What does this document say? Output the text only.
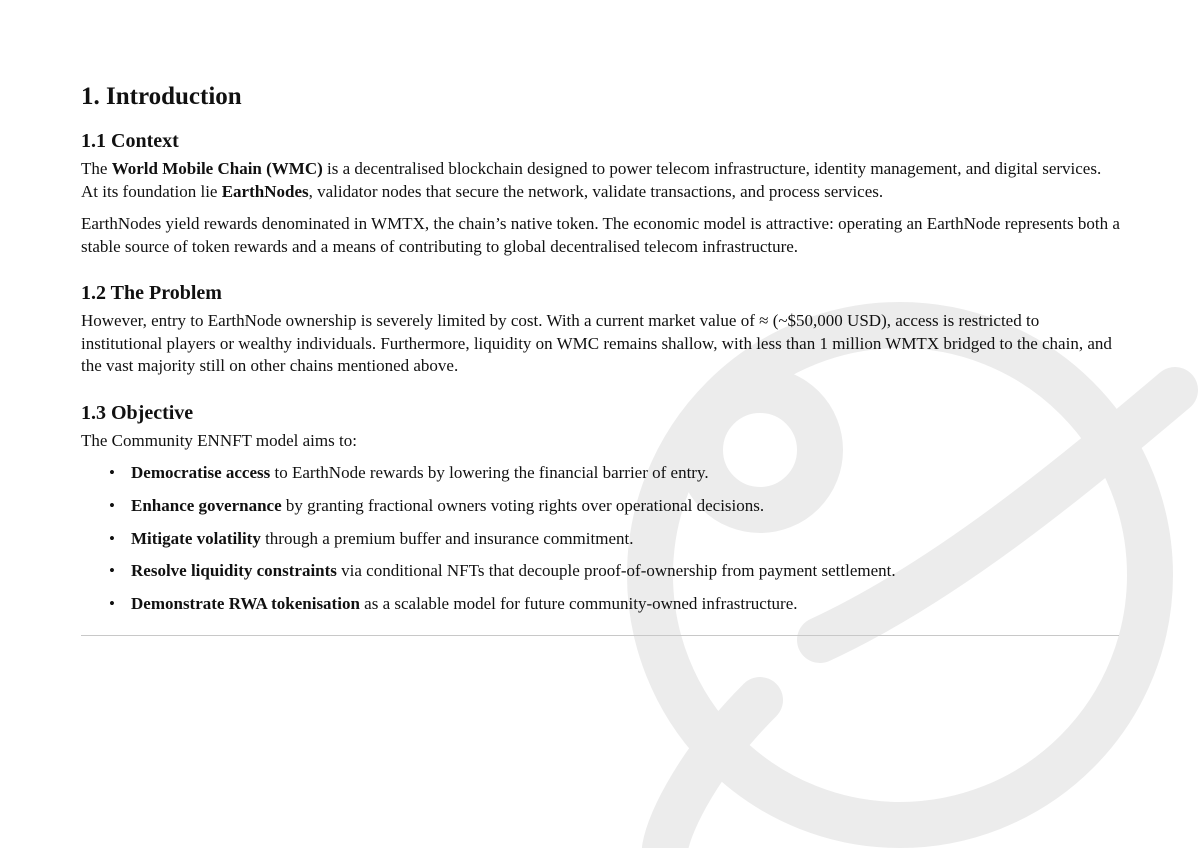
1. Introduction
1.1 Context

The World Mobile Chain (WMC) is a decentralised blockchain designed to power telecom infrastructure, identity management, and digital services. At its foundation lie EarthNodes, validator nodes that secure the network, validate transactions, and process services.

EarthNodes yield rewards denominated in WMTX, the chain’s native token. The economic model is attractive: operating an EarthNode represents both a stable source of token rewards and a means of contributing to global decentralised telecom infrastructure.

1.2 The Problem

However, entry to EarthNode ownership is severely limited by cost. With a current market value of ≈ (~$50,000 USD), access is restricted to institutional players or wealthy individuals. Furthermore, liquidity on WMC remains shallow, with less than 1 million WMTX bridged to the chain, and the vast majority still on other chains mentioned above.

1.3 Objective

The Community ENNFT model aims to:

• Democratise access to EarthNode rewards by lowering the financial barrier of entry.
• Enhance governance by granting fractional owners voting rights over operational decisions.
• Mitigate volatility through a premium buffer and insurance commitment.
• Resolve liquidity constraints via conditional NFTs that decouple proof-of-ownership from payment settlement.
• Demonstrate RWA tokenisation as a scalable model for future community-owned infrastructure.
